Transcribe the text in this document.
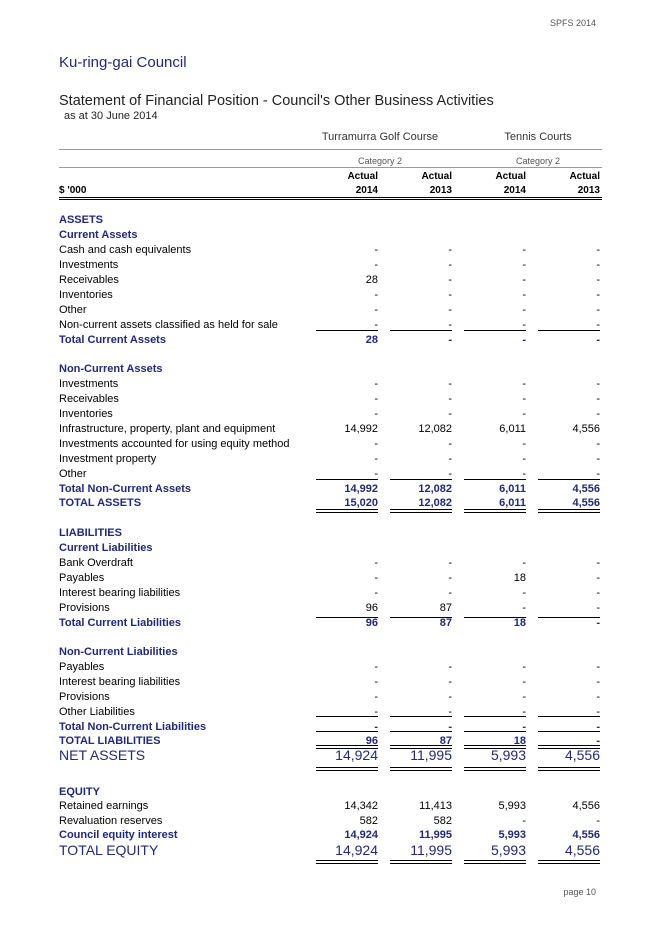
SPFS 2014
Ku-ring-gai Council
Statement of Financial Position - Council's Other Business Activities
as at 30 June 2014
Turramurra Golf Course	Tennis Courts
Category 2	Category 2
Actual	Actual	Actual	Actual
$ '000	2014	2013	2014	2013
ASSETS
Current Assets
Cash and cash equivalents	-	-	-	-
Investments	-	-	-	-
Receivables	28	-	-	-
Inventories	-	-	-	-
Other	-	-	-	-
Non-current assets classified as held for sale	-	-	-	-
Total Current Assets	28	-	-	-
Non-Current Assets
Investments	-	-	-	-
Receivables	-	-	-	-
Inventories	-	-	-	-
Infrastructure, property, plant and equipment	14,992	12,082	6,011	4,556
Investments accounted for using equity method	-	-	-	-
Investment property	-	-	-	-
Other	-	-	-	-
Total Non-Current Assets	14,992	12,082	6,011	4,556
TOTAL ASSETS	15,020	12,082	6,011	4,556
LIABILITIES
Current Liabilities
Bank Overdraft	-	-	-	-
Payables	-	-	18	-
Interest bearing liabilities	-	-	-	-
Provisions	96	87	-	-
Total Current Liabilities	96	87	18	-
Non-Current Liabilities
Payables	-	-	-	-
Interest bearing liabilities	-	-	-	-
Provisions	-	-	-	-
Other Liabilities	-	-	-	-
Total Non-Current Liabilities	-	-	-	-
TOTAL LIABILITIES	96	87	18	-
NET ASSETS	14,924	11,995	5,993	4,556
EQUITY
Retained earnings	14,342	11,413	5,993	4,556
Revaluation reserves	582	582	-	-
Council equity interest	14,924	11,995	5,993	4,556
TOTAL EQUITY	14,924	11,995	5,993	4,556
page 10
